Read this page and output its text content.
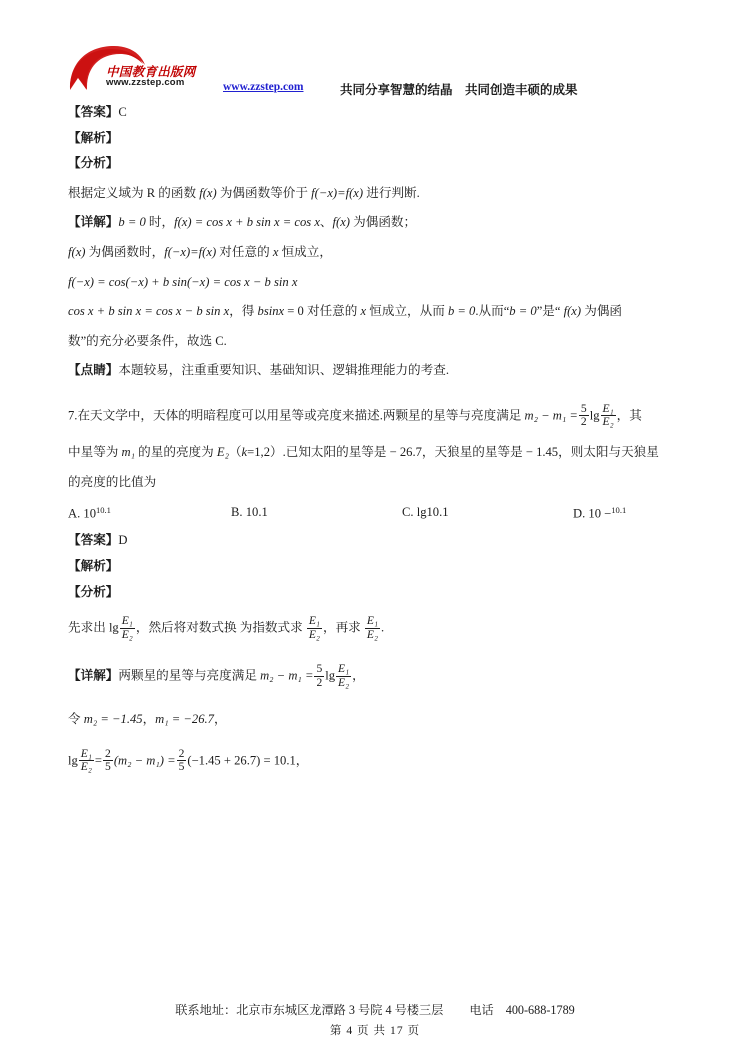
中国教育出版网
www.zzstep.com	www.zzstep.com	共同分享智慧的结晶　共同创造丰硕的成果

【答案】C

【解析】

【分析】

根据定义域为 R 的函数 f(x) 为偶函数等价于 f(−x)=f(x) 进行判断.

【详解】b = 0 时，f(x) = cos x + b sin x = cos x、f(x) 为偶函数；

f(x) 为偶函数时，f(−x)=f(x) 对任意的 x 恒成立，

f(−x) = cos(−x) + b sin(−x) = cos x − b sin x

cos x + b sin x = cos x − b sin x，得 bsinx = 0 对任意的 x 恒成立，从而 b = 0.从而“b = 0”是“ f(x) 为偶函

数”的充分必要条件，故选 C.

【点睛】本题较易，注重重要知识、基础知识、逻辑推理能力的考查.

7.在天文学中，天体的明暗程度可以用星等或亮度来描述.两颗星的星等与亮度满足 $m_2 - m_1 = \frac{5}{2}$ $\lg \frac{\text{E₁}}{\text{E₂}}$ ，其

中星等为 m₁ 的星的亮度为 E₂（k=1,2）.已知太阳的星等是 − 26.7，天狼星的星等是 − 1.45，则太阳与天狼星

的亮度的比值为

A. $10^{10.1}$	B. 10.1	C. lg10.1	D. 10 −$^{10.1}$

【答案】D

【解析】

【分析】

先求出 $\lg \frac{\text{E₁}}{\text{E₂}}$ ，然后将对数式换 为指数式求 $\frac{\text{E₁}}{\text{E₂}}$ ，再求 $\frac{\text{E₁}}{\text{E₂}}$ .

【详解】两颗星的星等与亮度满足 $m_2 - m_1 = \frac{5}{2}$ $\lg \frac{\text{E₁}}{\text{E₂}}$ ，

令 m₂ = −1.45，m₁ = −26.7，

$\lg \frac{\text{E₁}}{\text{E₂}} = \frac{2}{5} (m_2 - m_1) = \frac{2}{5} (-1.45 + 26.7) = 10.1$，

联系地址：北京市东城区龙潭路 3 号院 4 号楼三层 电话 400-688-1789
第 4 页 共 17 页
